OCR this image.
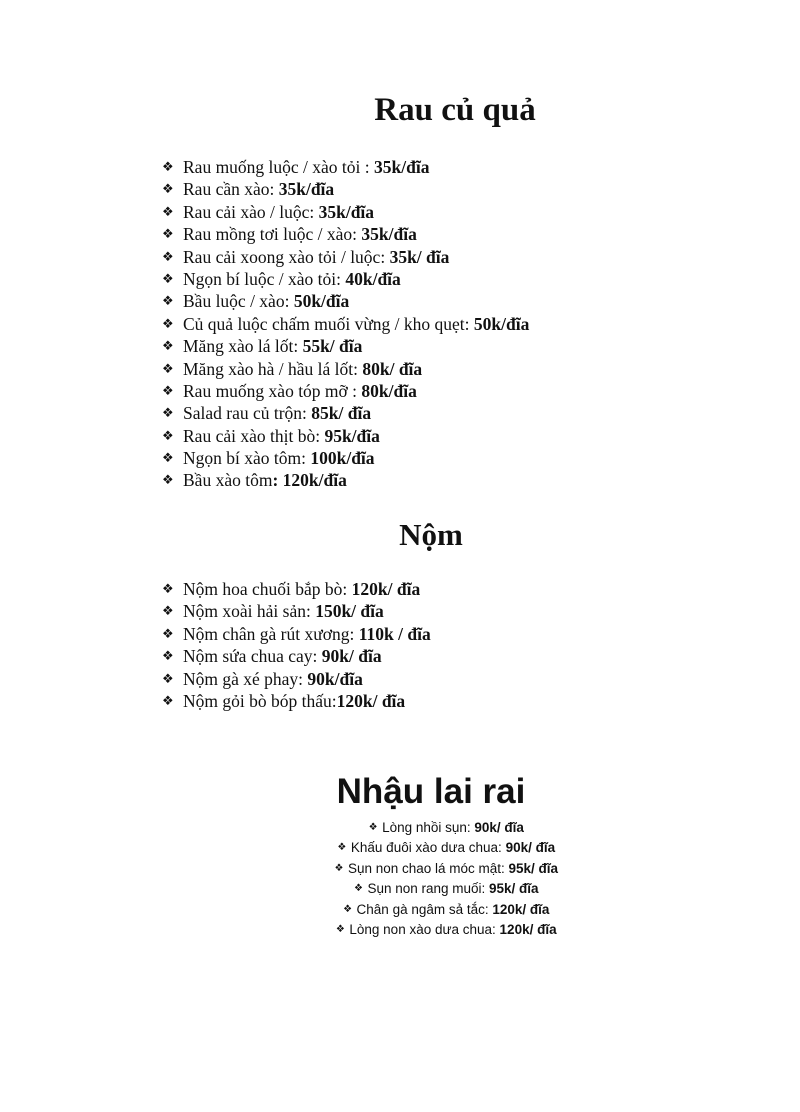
Rau củ quả
❖ Rau muống luộc / xào tỏi : 35k/đĩa
❖ Rau cần xào: 35k/đĩa
❖ Rau cải xào / luộc: 35k/đĩa
❖ Rau mồng tơi luộc / xào: 35k/đĩa
❖ Rau cải xoong xào tỏi / luộc: 35k/ đĩa
❖ Ngọn bí luộc / xào tỏi: 40k/đĩa
❖ Bầu luộc / xào: 50k/đĩa
❖ Củ quả luộc chấm muối vừng / kho quẹt: 50k/đĩa
❖ Măng xào lá lốt: 55k/ đĩa
❖ Măng xào hà / hầu lá lốt: 80k/ đĩa
❖ Rau muống xào tóp mỡ : 80k/đĩa
❖ Salad rau củ trộn: 85k/ đĩa
❖ Rau cải xào thịt bò: 95k/đĩa
❖ Ngọn bí xào tôm: 100k/đĩa
❖ Bầu xào tôm: 120k/đĩa
Nộm
❖ Nộm hoa chuối bắp bò: 120k/ đĩa
❖ Nộm xoài hải sản: 150k/ đĩa
❖ Nộm chân gà rút xương: 110k / đĩa
❖ Nộm sứa chua cay: 90k/ đĩa
❖ Nộm gà xé phay: 90k/đĩa
❖ Nộm gỏi bò bóp thấu:120k/ đĩa
Nhậu lai rai
❖ Lòng nhồi sụn: 90k/ đĩa
❖ Khấu đuôi xào dưa chua: 90k/ đĩa
❖ Sụn non chao lá móc mật: 95k/ đĩa
❖ Sụn non rang muối: 95k/ đĩa
❖ Chân gà ngâm sả tắc: 120k/ đĩa
❖ Lòng non xào dưa chua: 120k/ đĩa
